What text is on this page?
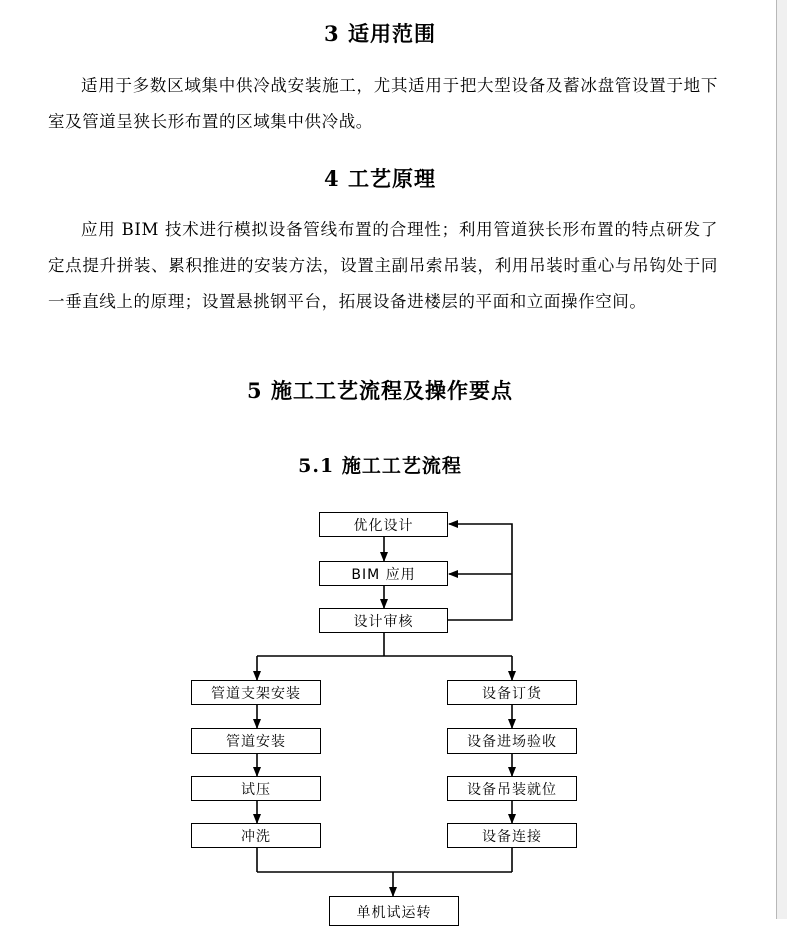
3 适用范围

适用于多数区域集中供冷战安装施工，尤其适用于把大型设备及蓄冰盘管设置于地下室及管道呈狭长形布置的区域集中供冷战。

4 工艺原理

应用 BIM 技术进行模拟设备管线布置的合理性；利用管道狭长形布置的特点研发了定点提升拼装、累积推进的安装方法，设置主副吊索吊装，利用吊装时重心与吊钩处于同一垂直线上的原理；设置悬挑钢平台，拓展设备进楼层的平面和立面操作空间。

5 施工工艺流程及操作要点
5.1 施工工艺流程
优化设计
BIM 应用
设计审核
管道支架安装
管道安装
试压
冲洗
设备订货
设备进场验收
设备吊装就位
设备连接
单机试运转
